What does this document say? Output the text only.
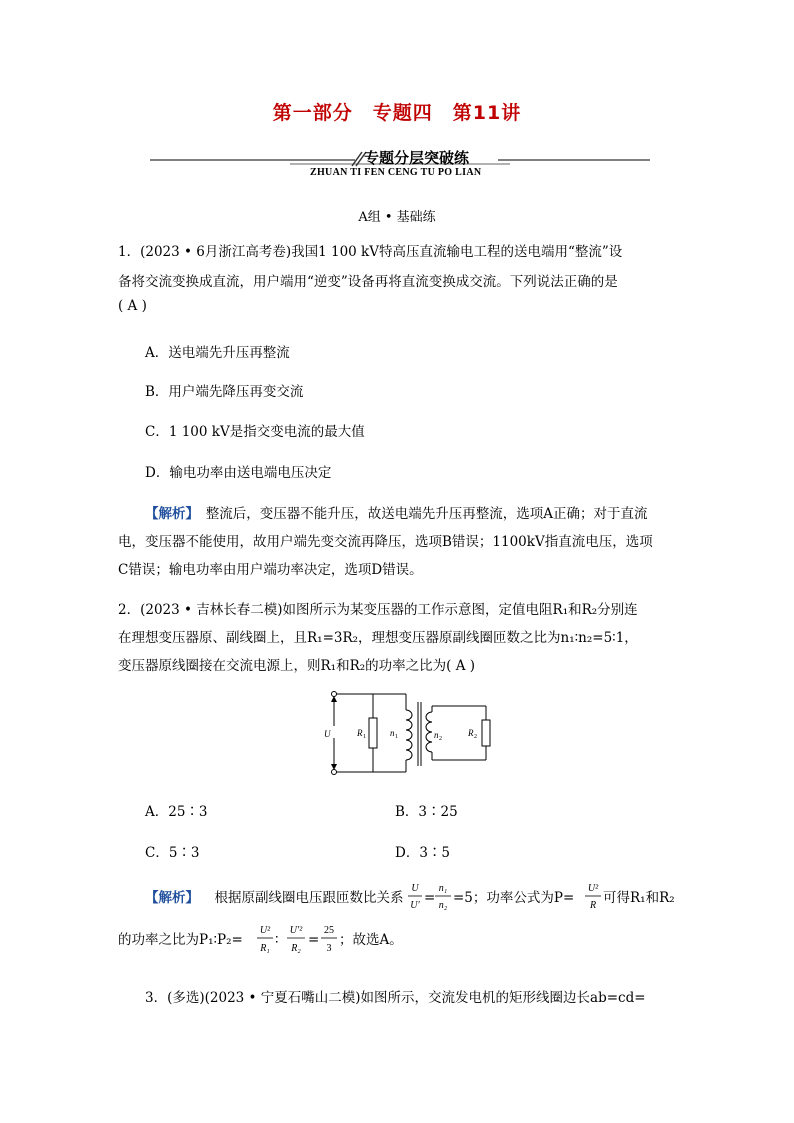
第一部分　专题四　第11讲
专题分层突破练
ZHUAN TI FEN CENG TU PO LIAN
A组 • 基础练
1．(2023 • 6月浙江高考卷)我国1 100 kV特高压直流输电工程的送电端用“整流”设
备将交流变换成直流，用户端用“逆变”设备再将直流变换成交流。下列说法正确的是
( A )
A．送电端先升压再整流
B．用户端先降压再变交流
C．1 100 kV是指交变电流的最大值
D．输电功率由送电端电压决定
【解析】　整流后，变压器不能升压，故送电端先升压再整流，选项A正确；对于直流
电，变压器不能使用，故用户端先变交流再降压，选项B错误；1100kV指直流电压，选项
C错误；输电功率由用户端功率决定，选项D错误。
2．(2023 • 吉林长春二模)如图所示为某变压器的工作示意图，定值电阻R₁和R₂分别连
在理想变压器原、副线圈上，且R₁=3R₂，理想变压器原副线圈匝数之比为n₁∶n₂=5∶1，
变压器原线圈接在交流电源上，则R₁和R₂的功率之比为( A )
U	R 1	n 1	n 2
R 2
A．25∶3	B．3∶25
C．5∶3	D．3∶5
【解析】 　根据原副线圈电压跟匝数比关系
U
U′ =
n₁
n₂ =5；功率公式为P=
U²
R 可得R₁和R₂
的功率之比为P₁∶P₂=
U²
R₁
∶
U′²
R₂
=
25
3
；故选A。
3．(多选)(2023 • 宁夏石嘴山二模)如图所示，交流发电机的矩形线圈边长ab=cd=
